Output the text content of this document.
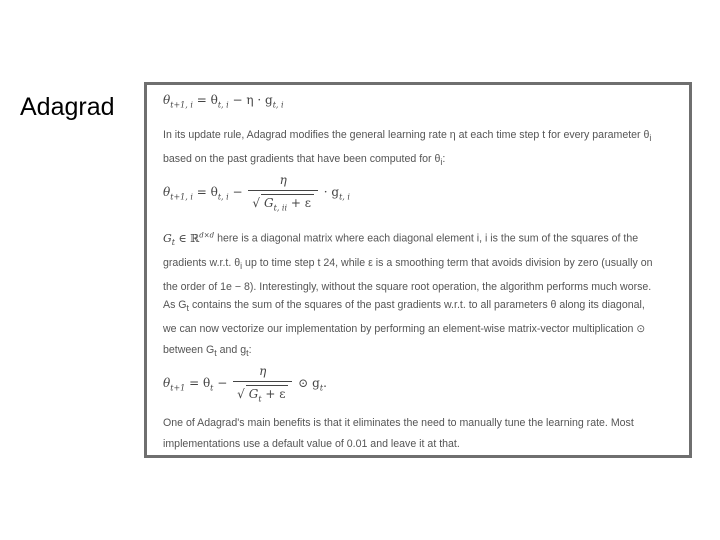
Adagrad	$\theta_{t+1, i} = \theta_{t, i} - \eta \cdot g_{t, i}$
In its update rule, Adagrad modifies the general learning rate η at each time step t for every parameter $\theta_i$
based on the past gradients that have been computed for $\theta_i$:
$\theta_{t+1, i} = \theta_{t, i} - \frac{\eta}{√ G_{t, ii} + \varepsilon} \cdot g_{t, i}$
$G_t$ ∈ ℝ$^{d\times d}$ here is a diagonal matrix where each diagonal element i, i is the sum of the squares of the
gradients w.r.t. $\theta_i$ up to time step t 24, while ε is a smoothing term that avoids division by zero (usually on
the order of 1e − 8). Interestingly, without the square root operation, the algorithm performs much worse.
As $G_t$ contains the sum of the squares of the past gradients w.r.t. to all parameters θ along its diagonal,
we can now vectorize our implementation by performing an element-wise matrix-vector multiplication ⊙
between $G_t$ and $g_t$:
$\theta_{t+1} = \theta_t - \frac{\eta}{√ G_t + \varepsilon}$ ⊙ $g_t$.
One of Adagrad's main benefits is that it eliminates the need to manually tune the learning rate. Most
implementations use a default value of 0.01 and leave it at that.
